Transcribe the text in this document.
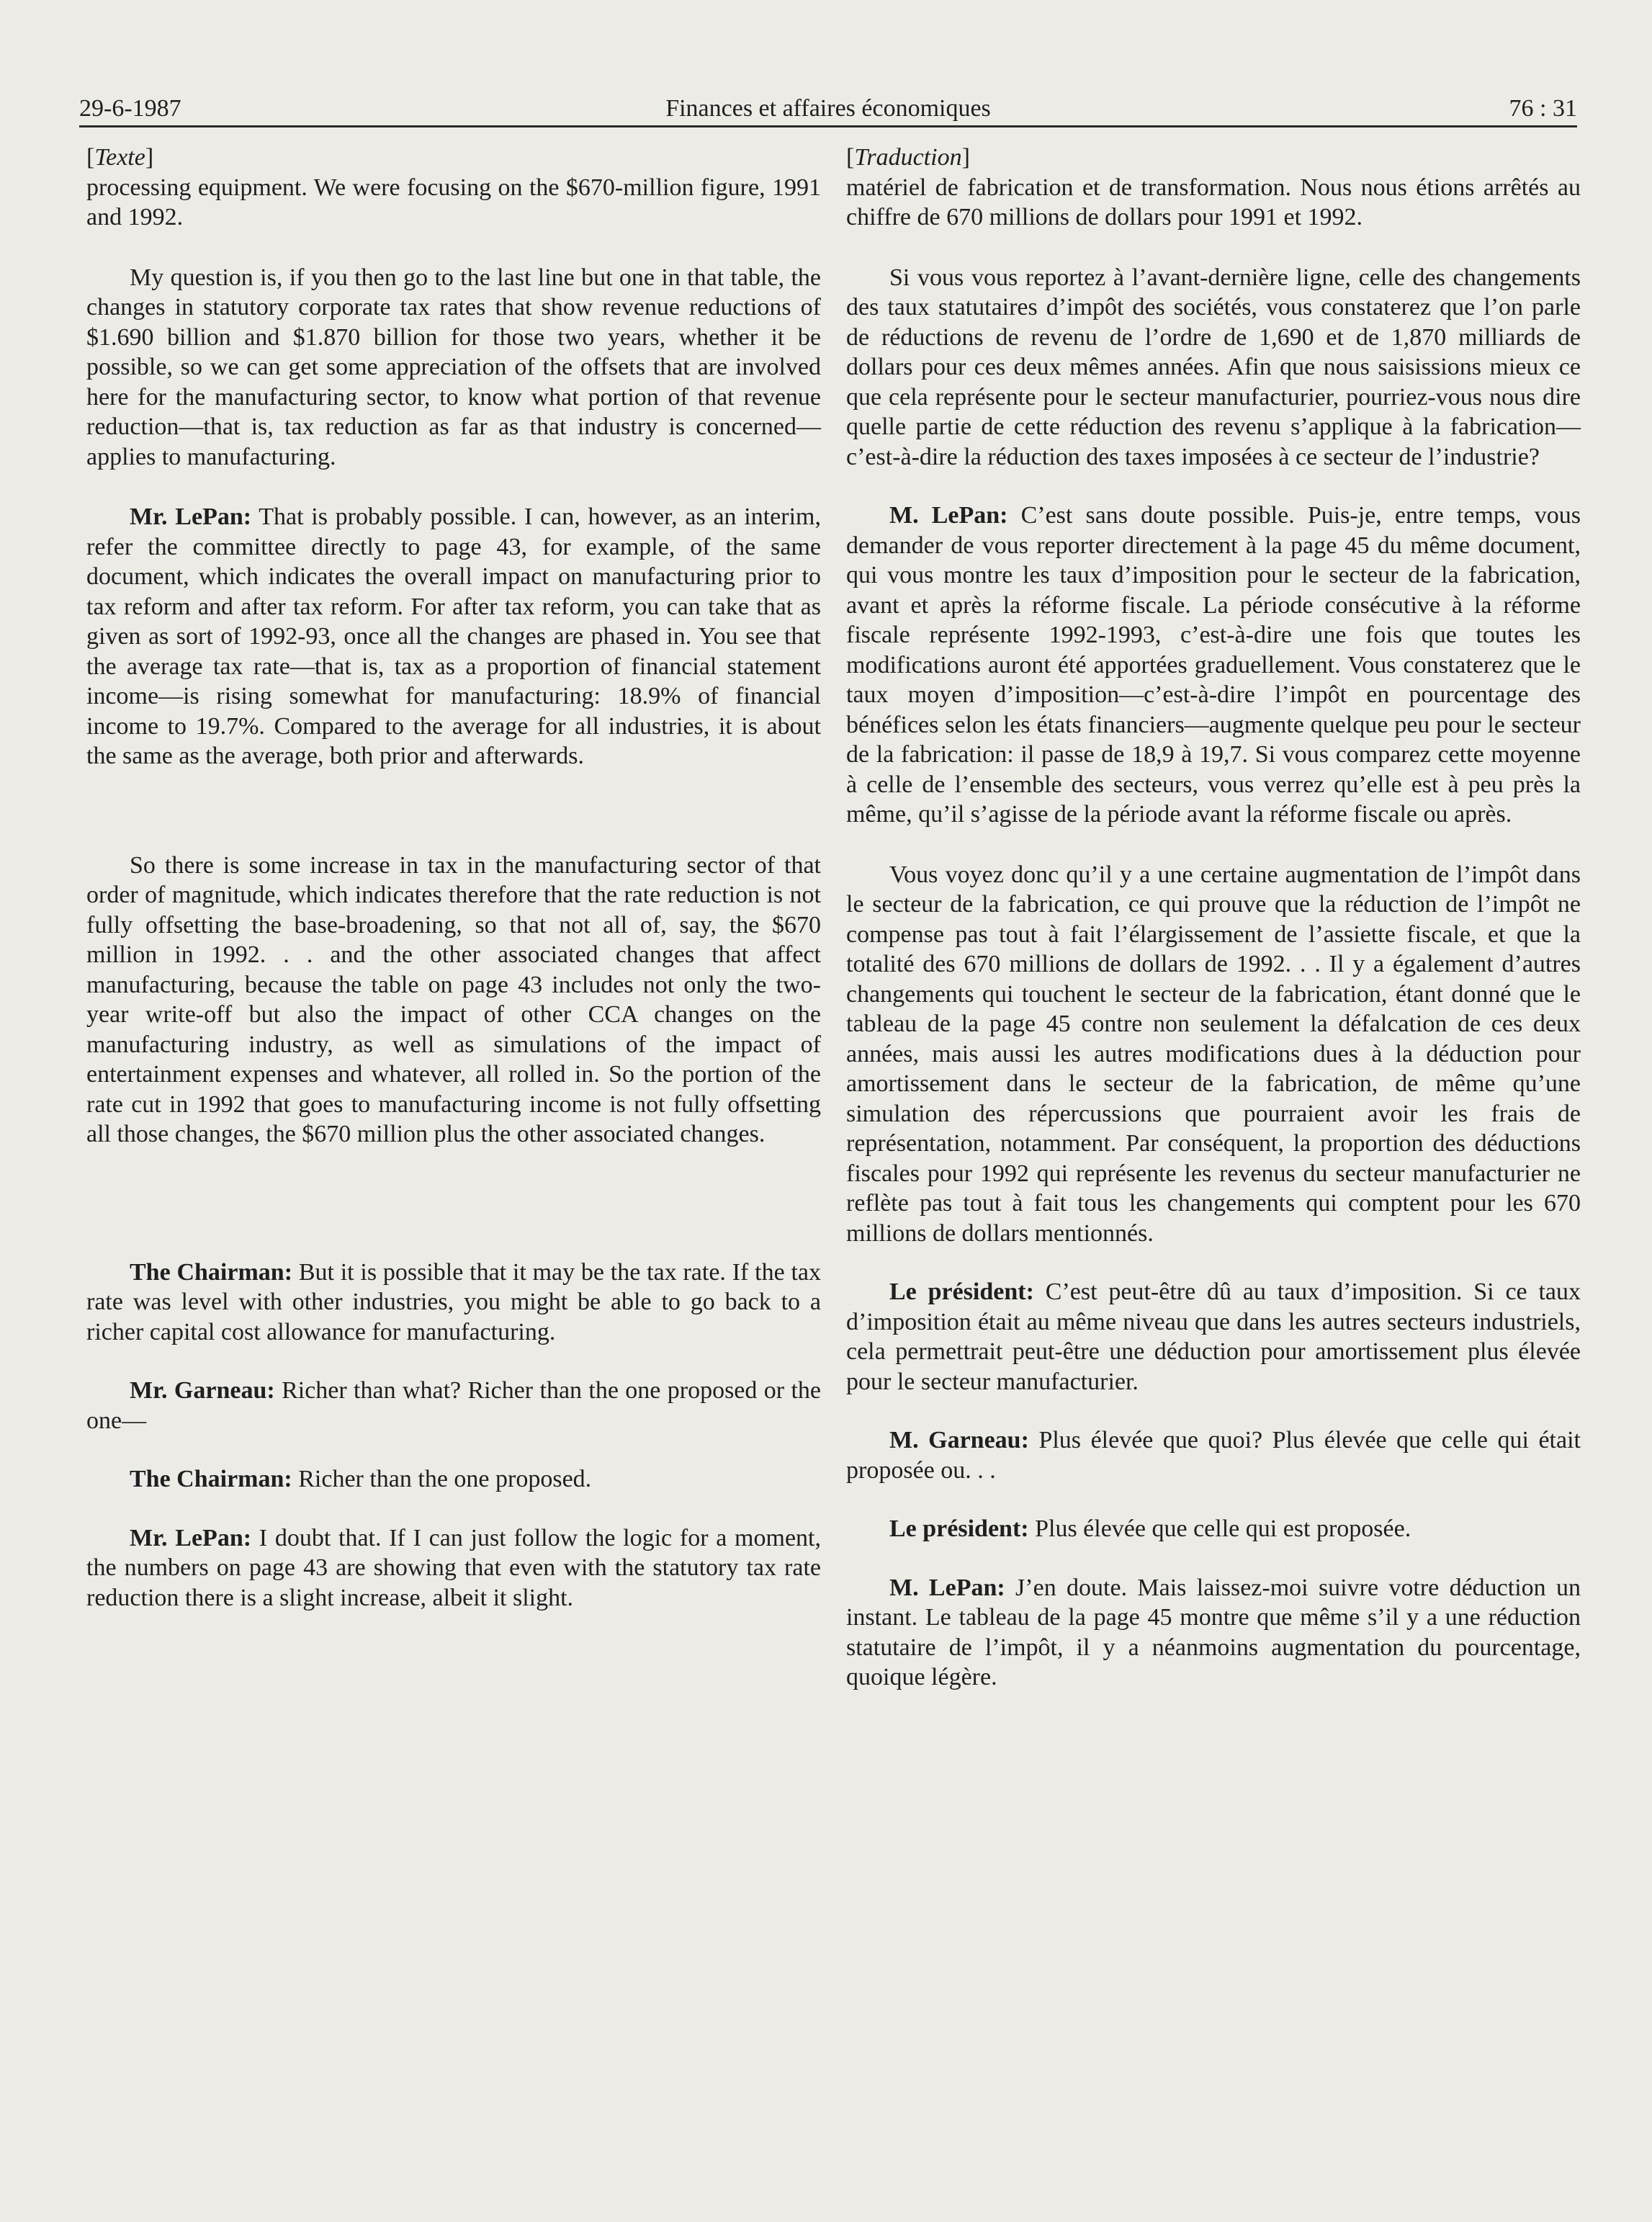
29-6-1987	Finances et affaires économiques	76 : 31

[Texte]

processing equipment. We were focusing on the $670-million figure, 1991 and 1992.

My question is, if you then go to the last line but one in that table, the changes in statutory corporate tax rates that show revenue reductions of $1.690 billion and $1.870 billion for those two years, whether it be possible, so we can get some appreciation of the offsets that are involved here for the manufacturing sector, to know what portion of that revenue reduction—that is, tax reduction as far as that industry is concerned—applies to manufacturing.

Mr. LePan: That is probably possible. I can, however, as an interim, refer the committee directly to page 43, for example, of the same document, which indicates the overall impact on manufacturing prior to tax reform and after tax reform. For after tax reform, you can take that as given as sort of 1992-93, once all the changes are phased in. You see that the average tax rate—that is, tax as a proportion of financial statement income—is rising somewhat for manufacturing: 18.9% of financial income to 19.7%. Compared to the average for all industries, it is about the same as the average, both prior and afterwards.

So there is some increase in tax in the manufacturing sector of that order of magnitude, which indicates therefore that the rate reduction is not fully offsetting the base-broadening, so that not all of, say, the $670 million in 1992. . . and the other associated changes that affect manufacturing, because the table on page 43 includes not only the two-year write-off but also the impact of other CCA changes on the manufacturing industry, as well as simulations of the impact of entertainment expenses and whatever, all rolled in. So the portion of the rate cut in 1992 that goes to manufacturing income is not fully offsetting all those changes, the $670 million plus the other associated changes.

The Chairman: But it is possible that it may be the tax rate. If the tax rate was level with other industries, you might be able to go back to a richer capital cost allowance for manufacturing.

Mr. Garneau: Richer than what? Richer than the one proposed or the one—

The Chairman: Richer than the one proposed.

Mr. LePan: I doubt that. If I can just follow the logic for a moment, the numbers on page 43 are showing that even with the statutory tax rate reduction there is a slight increase, albeit it slight.

[Traduction]

matériel de fabrication et de transformation. Nous nous étions arrêtés au chiffre de 670 millions de dollars pour 1991 et 1992.

Si vous vous reportez à l’avant-dernière ligne, celle des changements des taux statutaires d’impôt des sociétés, vous constaterez que l’on parle de réductions de revenu de l’ordre de 1,690 et de 1,870 milliards de dollars pour ces deux mêmes années. Afin que nous saisissions mieux ce que cela représente pour le secteur manufacturier, pourriez-vous nous dire quelle partie de cette réduction des revenu s’applique à la fabrication—c’est-à-dire la réduction des taxes imposées à ce secteur de l’industrie?

M. LePan: C’est sans doute possible. Puis-je, entre temps, vous demander de vous reporter directement à la page 45 du même document, qui vous montre les taux d’imposition pour le secteur de la fabrication, avant et après la réforme fiscale. La période consécutive à la réforme fiscale représente 1992-1993, c’est-à-dire une fois que toutes les modifications auront été apportées graduellement. Vous constaterez que le taux moyen d’imposition—c’est-à-dire l’impôt en pourcentage des bénéfices selon les états financiers—augmente quelque peu pour le secteur de la fabrication: il passe de 18,9 à 19,7. Si vous comparez cette moyenne à celle de l’ensemble des secteurs, vous verrez qu’elle est à peu près la même, qu’il s’agisse de la période avant la réforme fiscale ou après.

Vous voyez donc qu’il y a une certaine augmentation de l’impôt dans le secteur de la fabrication, ce qui prouve que la réduction de l’impôt ne compense pas tout à fait l’élargissement de l’assiette fiscale, et que la totalité des 670 millions de dollars de 1992. . . Il y a également d’autres changements qui touchent le secteur de la fabrication, étant donné que le tableau de la page 45 contre non seulement la défalcation de ces deux années, mais aussi les autres modifications dues à la déduction pour amortissement dans le secteur de la fabrication, de même qu’une simulation des répercussions que pourraient avoir les frais de représentation, notamment. Par conséquent, la proportion des déductions fiscales pour 1992 qui représente les revenus du secteur manufacturier ne reflète pas tout à fait tous les changements qui comptent pour les 670 millions de dollars mentionnés.

Le président: C’est peut-être dû au taux d’imposition. Si ce taux d’imposition était au même niveau que dans les autres secteurs industriels, cela permettrait peut-être une déduction pour amortissement plus élevée pour le secteur manufacturier.

M. Garneau: Plus élevée que quoi? Plus élevée que celle qui était proposée ou. . .

Le président: Plus élevée que celle qui est proposée.

M. LePan: J’en doute. Mais laissez-moi suivre votre déduction un instant. Le tableau de la page 45 montre que même s’il y a une réduction statutaire de l’impôt, il y a néanmoins augmentation du pourcentage, quoique légère.
